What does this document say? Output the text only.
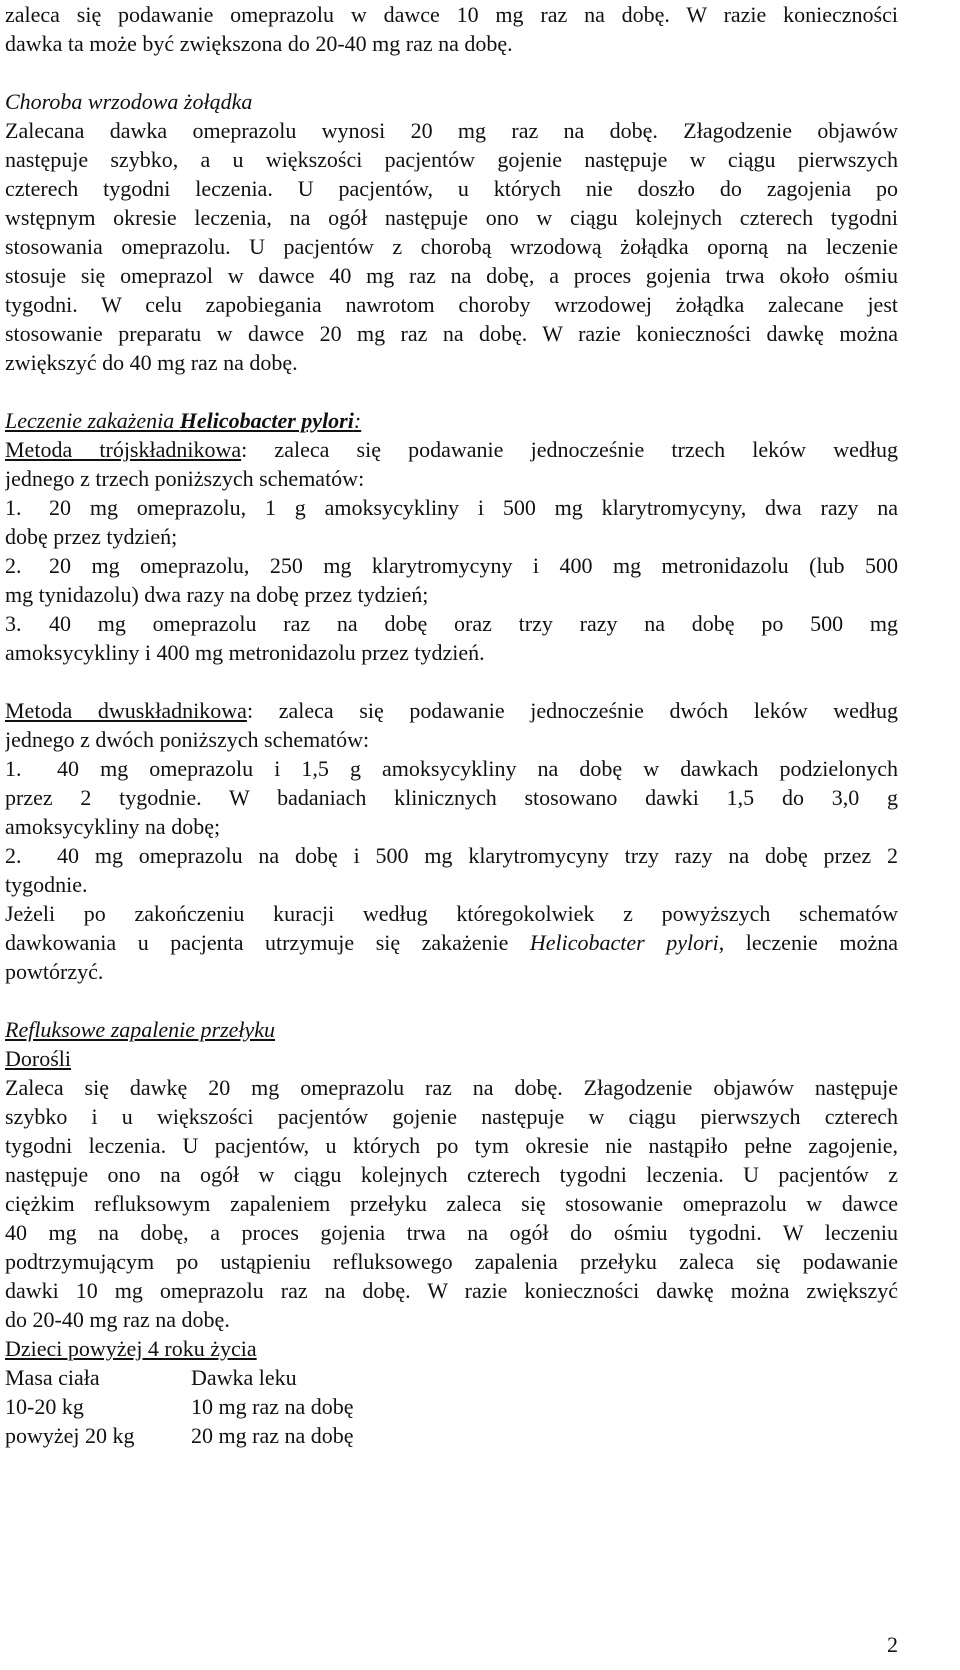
zaleca się podawanie omeprazolu w dawce 10 mg raz na dobę. W razie konieczności
dawka ta może być zwiększona do 20-40 mg raz na dobę.
Choroba wrzodowa żołądka
Zalecana dawka omeprazolu wynosi 20 mg raz na dobę. Złagodzenie objawów
następuje szybko, a u większości pacjentów gojenie następuje w ciągu pierwszych
czterech tygodni leczenia. U pacjentów, u których nie doszło do zagojenia po
wstępnym okresie leczenia, na ogół następuje ono w ciągu kolejnych czterech tygodni
stosowania omeprazolu. U pacjentów z chorobą wrzodową żołądka oporną na leczenie
stosuje się omeprazol w dawce 40 mg raz na dobę, a proces gojenia trwa około ośmiu
tygodni. W celu zapobiegania nawrotom choroby wrzodowej żołądka zalecane jest
stosowanie preparatu w dawce 20 mg raz na dobę. W razie konieczności dawkę można
zwiększyć do 40 mg raz na dobę.
Leczenie zakażenia Helicobacter pylori:
Metoda trójskładnikowa: zaleca się podawanie jednocześnie trzech leków według
jednego z trzech poniższych schematów:
1. 20 mg omeprazolu, 1 g amoksycykliny i 500 mg klarytromycyny, dwa razy na
dobę przez tydzień;
2. 20 mg omeprazolu, 250 mg klarytromycyny i 400 mg metronidazolu (lub 500
mg tynidazolu) dwa razy na dobę przez tydzień;
3. 40 mg omeprazolu raz na dobę oraz trzy razy na dobę po 500 mg
amoksycykliny i 400 mg metronidazolu przez tydzień.
Metoda dwuskładnikowa: zaleca się podawanie jednocześnie dwóch leków według
jednego z dwóch poniższych schematów:
1. 40 mg omeprazolu i 1,5 g amoksycykliny na dobę w dawkach podzielonych
przez 2 tygodnie. W badaniach klinicznych stosowano dawki 1,5 do 3,0 g
amoksycykliny na dobę;
2. 40 mg omeprazolu na dobę i 500 mg klarytromycyny trzy razy na dobę przez 2
tygodnie.
Jeżeli po zakończeniu kuracji według któregokolwiek z powyższych schematów
dawkowania u pacjenta utrzymuje się zakażenie Helicobacter pylori, leczenie można
powtórzyć.
Refluksowe zapalenie przełyku
Dorośli
Zaleca się dawkę 20 mg omeprazolu raz na dobę. Złagodzenie objawów następuje
szybko i u większości pacjentów gojenie następuje w ciągu pierwszych czterech
tygodni leczenia. U pacjentów, u których po tym okresie nie nastąpiło pełne zagojenie,
następuje ono na ogół w ciągu kolejnych czterech tygodni leczenia. U pacjentów z
ciężkim refluksowym zapaleniem przełyku zaleca się stosowanie omeprazolu w dawce
40 mg na dobę, a proces gojenia trwa na ogół do ośmiu tygodni. W leczeniu
podtrzymującym po ustąpieniu refluksowego zapalenia przełyku zaleca się podawanie
dawki 10 mg omeprazolu raz na dobę. W razie konieczności dawkę można zwiększyć
do 20-40 mg raz na dobę.
Dzieci powyżej 4 roku życia
Masa ciała	Dawka leku
10-20 kg	10 mg raz na dobę
powyżej 20 kg	20 mg raz na dobę
2
